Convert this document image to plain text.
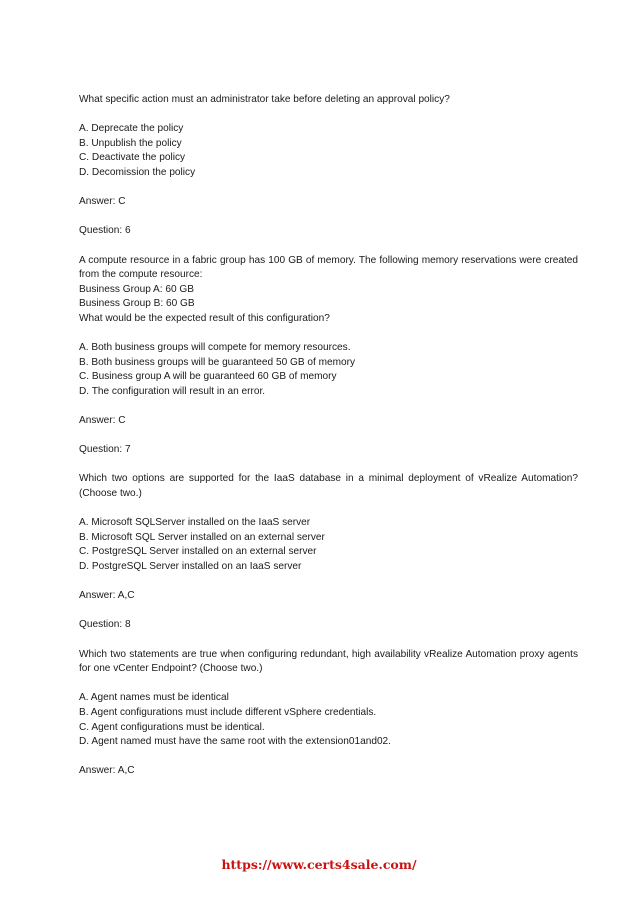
What specific action must an administrator take before deleting an approval policy?
A. Deprecate the policy
B. Unpublish the policy
C. Deactivate the policy
D. Decomission the policy
Answer: C
Question: 6
A compute resource in a fabric group has 100 GB of memory. The following memory reservations were created from the compute resource:
Business Group A: 60 GB
Business Group B: 60 GB
What would be the expected result of this configuration?
A. Both business groups will compete for memory resources.
B. Both business groups will be guaranteed 50 GB of memory
C. Business group A will be guaranteed 60 GB of memory
D. The configuration will result in an error.
Answer: C
Question: 7
Which two options are supported for the IaaS database in a minimal deployment of vRealize Automation? (Choose two.)
A. Microsoft SQLServer installed on the IaaS server
B. Microsoft SQL Server installed on an external server
C. PostgreSQL Server installed on an external server
D. PostgreSQL Server installed on an IaaS server
Answer: A,C
Question: 8
Which two statements are true when configuring redundant, high availability vRealize Automation proxy agents for one vCenter Endpoint? (Choose two.)
A. Agent names must be identical
B. Agent configurations must include different vSphere credentials.
C. Agent configurations must be identical.
D. Agent named must have the same root with the extension01and02.
Answer: A,C
https://www.certs4sale.com/
